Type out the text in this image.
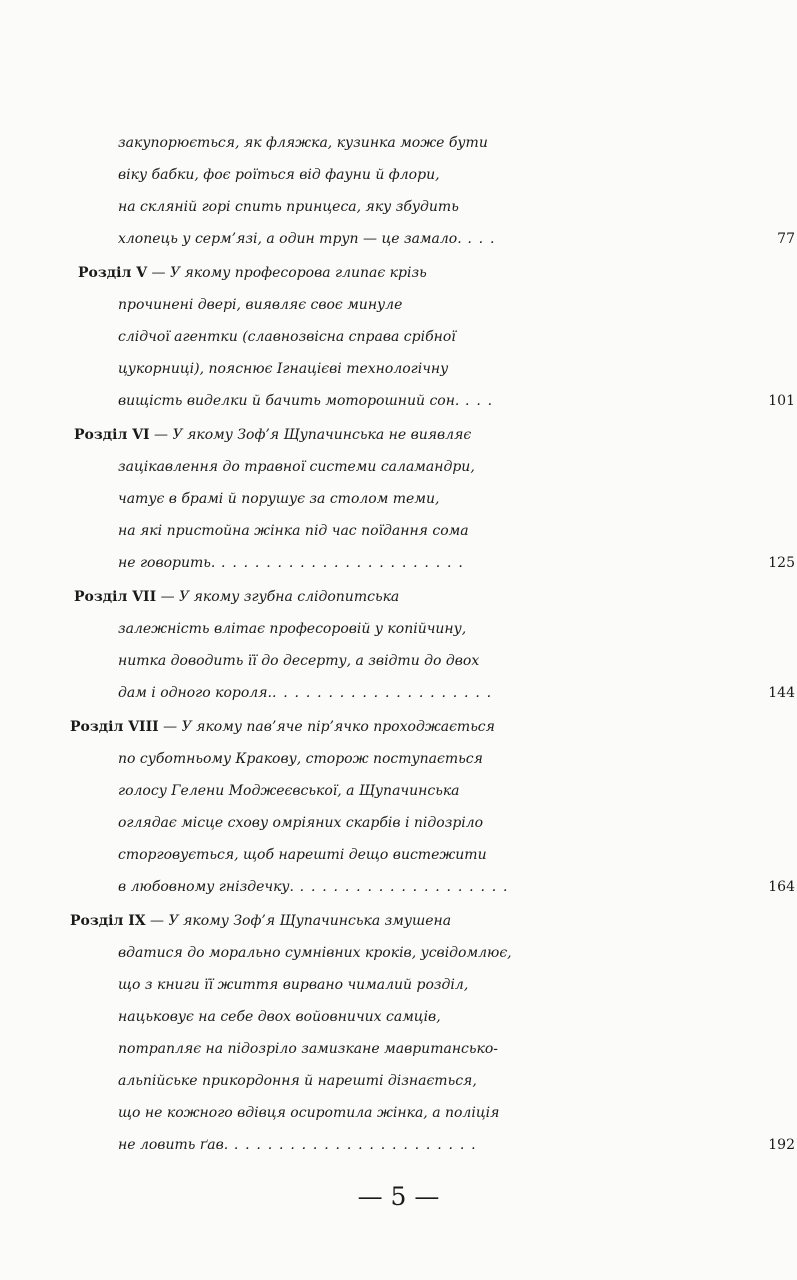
закупорюється, як фляжка, кузинка може бути
віку бабки, фоє роїться від фауни й флори,
на скляній горі спить принцеса, яку збудить
хлопець у серм’язі, а один труп — це замало. . . .	77
Розділ V — У якому професорова глипає крізь
прочинені двері, виявляє своє минуле
слідчої агентки (славнозвісна справа срібної
цукорниці), пояснює Ігнацієві технологічну
вищість виделки й бачить моторошний сон. . . .	101
Розділ VI — У якому Зоф’я Щупачинська не виявляє
зацікавлення до травної системи саламандри,
чатує в брамі й порушує за столом теми,
на які пристойна жінка під час поїдання сома
не говорить. . . . . . . . . . . . . . . . . . . . . . .	125
Розділ VII — У якому згубна слідопитська
залежність влітає професоровій у копійчину,
нитка доводить її до десерту, а звідти до двох
дам і одного короля.. . . . . . . . . . . . . . . . . . . .	144
Розділ VIII — У якому пав’яче пір’ячко проходжається
по суботньому Кракову, сторож поступається
голосу Гелени Моджеєвської, а Щупачинська
оглядає місце схову омріяних скарбів і підозріло
сторговується, щоб нарешті дещо вистежити
в любовному гніздечку. . . . . . . . . . . . . . . . . . . .	164
Розділ IX — У якому Зоф’я Щупачинська змушена
вдатися до морально сумнівних кроків, усвідомлює,
що з книги її життя вирвано чималий розділ,
нацьковує на себе двох войовничих самців,
потрапляє на підозріло замизкане мавритансько-
альпійське прикордоння й нарешті дізнається,
що не кожного вдівця осиротила жінка, а поліція
не ловить ґав. . . . . . . . . . . . . . . . . . . . . . .	192
— 5 —
